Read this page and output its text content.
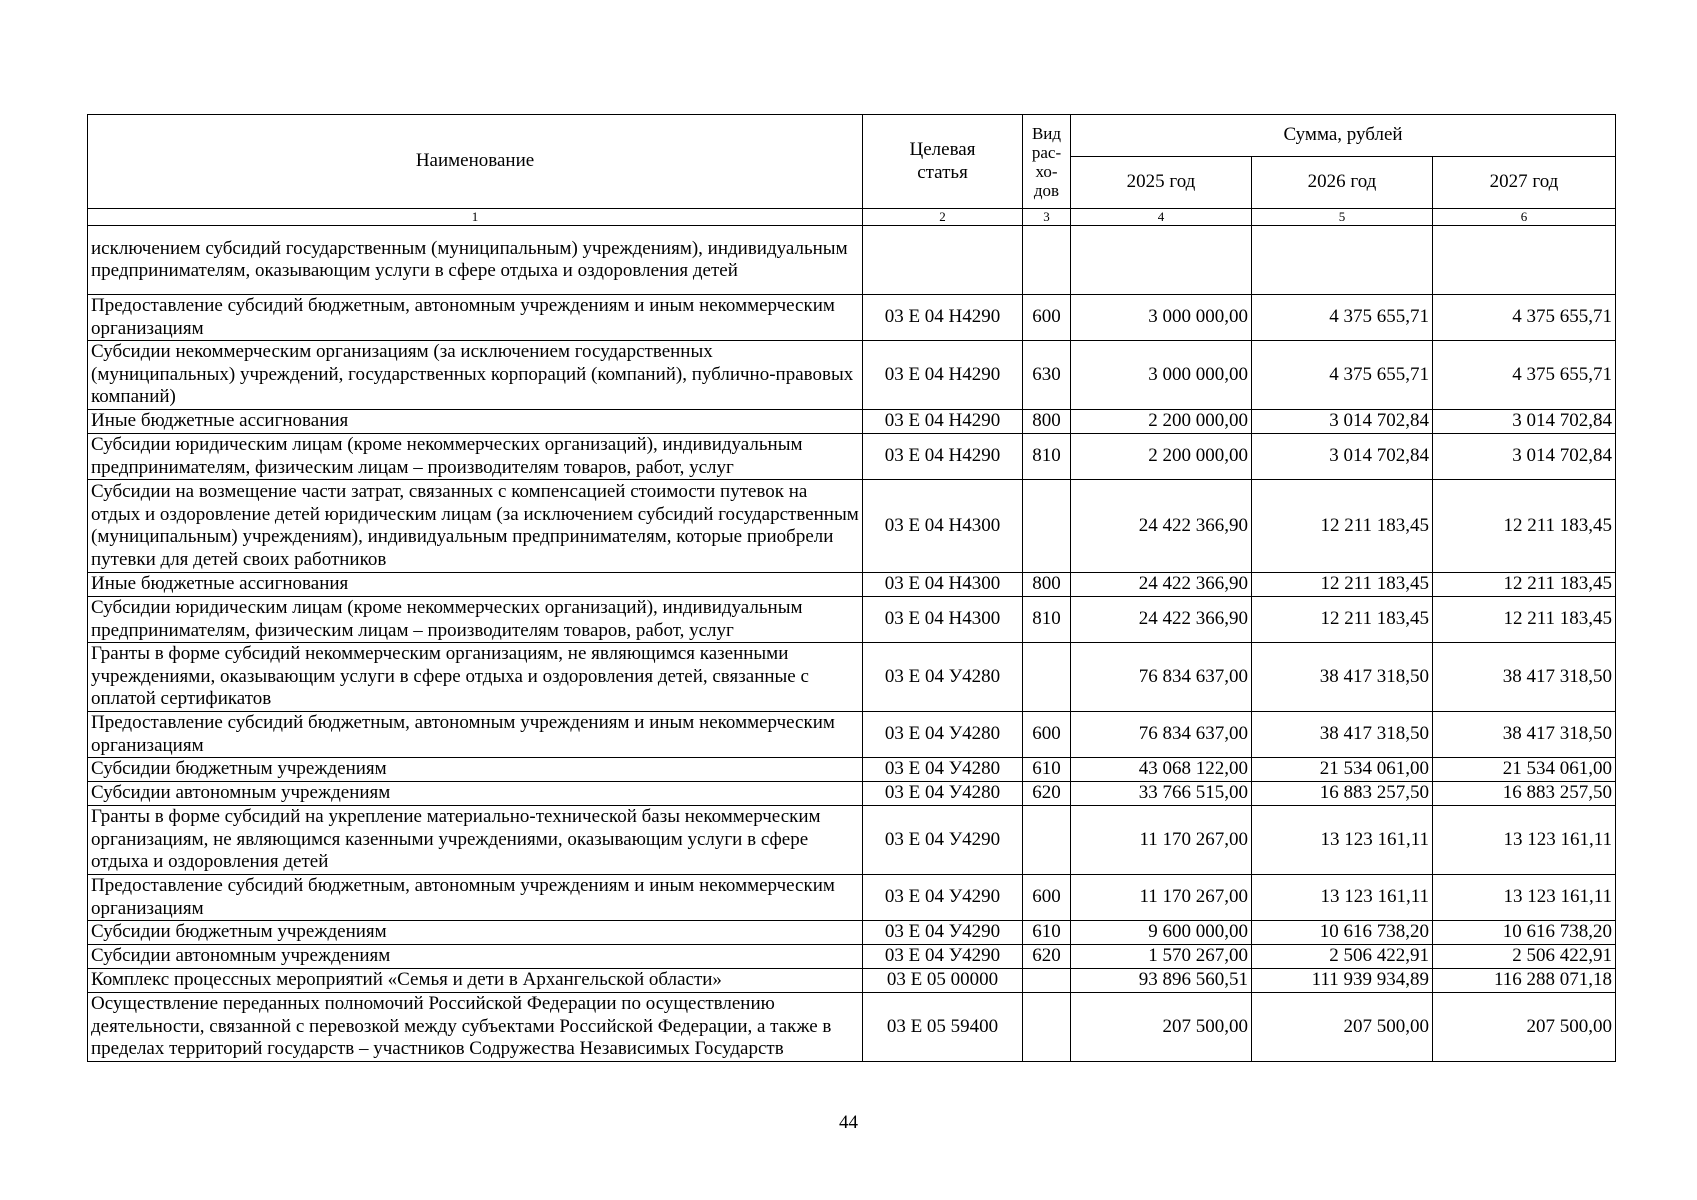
Наименование	Целевая статья	Вид рас- хо- дов	Сумма, рублей		
			2025 год	2026 год	2027 год
1	2	3	4	5	6
исключением субсидий государственным (муниципальным) учреждениям), индивидуальным предпринимателям, оказывающим услуги в сфере отдыха и оздоровления детей					
Предоставление субсидий бюджетным, автономным учреждениям и иным некоммерческим организациям	03 Е 04 Н4290	600	3 000 000,00	4 375 655,71	4 375 655,71
Субсидии некоммерческим организациям (за исключением государственных (муниципальных) учреждений, государственных корпораций (компаний), публично-правовых компаний)	03 Е 04 Н4290	630	3 000 000,00	4 375 655,71	4 375 655,71
Иные бюджетные ассигнования	03 Е 04 Н4290	800	2 200 000,00	3 014 702,84	3 014 702,84
Субсидии юридическим лицам (кроме некоммерческих организаций), индивидуальным предпринимателям, физическим лицам – производителям товаров, работ, услуг	03 Е 04 Н4290	810	2 200 000,00	3 014 702,84	3 014 702,84
Субсидии на возмещение части затрат, связанных с компенсацией стоимости путевок на отдых и оздоровление детей юридическим лицам (за исключением субсидий государственным (муниципальным) учреждениям), индивидуальным предпринимателям, которые приобрели путевки для детей своих работников	03 Е 04 Н4300		24 422 366,90	12 211 183,45	12 211 183,45
Иные бюджетные ассигнования	03 Е 04 Н4300	800	24 422 366,90	12 211 183,45	12 211 183,45
Субсидии юридическим лицам (кроме некоммерческих организаций), индивидуальным предпринимателям, физическим лицам – производителям товаров, работ, услуг	03 Е 04 Н4300	810	24 422 366,90	12 211 183,45	12 211 183,45
Гранты в форме субсидий некоммерческим организациям, не являющимся казенными учреждениями, оказывающим услуги в сфере отдыха и оздоровления детей, связанные с оплатой сертификатов	03 Е 04 У4280		76 834 637,00	38 417 318,50	38 417 318,50
Предоставление субсидий бюджетным, автономным учреждениям и иным некоммерческим организациям	03 Е 04 У4280	600	76 834 637,00	38 417 318,50	38 417 318,50
Субсидии бюджетным учреждениям	03 Е 04 У4280	610	43 068 122,00	21 534 061,00	21 534 061,00
Субсидии автономным учреждениям	03 Е 04 У4280	620	33 766 515,00	16 883 257,50	16 883 257,50
Гранты в форме субсидий на укрепление материально-технической базы некоммерческим организациям, не являющимся казенными учреждениями, оказывающим услуги в сфере отдыха и оздоровления детей	03 Е 04 У4290		11 170 267,00	13 123 161,11	13 123 161,11
Предоставление субсидий бюджетным, автономным учреждениям и иным некоммерческим организациям	03 Е 04 У4290	600	11 170 267,00	13 123 161,11	13 123 161,11
Субсидии бюджетным учреждениям	03 Е 04 У4290	610	9 600 000,00	10 616 738,20	10 616 738,20
Субсидии автономным учреждениям	03 Е 04 У4290	620	1 570 267,00	2 506 422,91	2 506 422,91
Комплекс процессных мероприятий «Семья и дети в Архангельской области»	03 Е 05 00000		93 896 560,51	111 939 934,89	116 288 071,18
Осуществление переданных полномочий Российской Федерации по осуществлению деятельности, связанной с перевозкой между субъектами Российской Федерации, а также в пределах территорий государств – участников Содружества Независимых Государств	03 Е 05 59400		207 500,00	207 500,00	207 500,00
44
